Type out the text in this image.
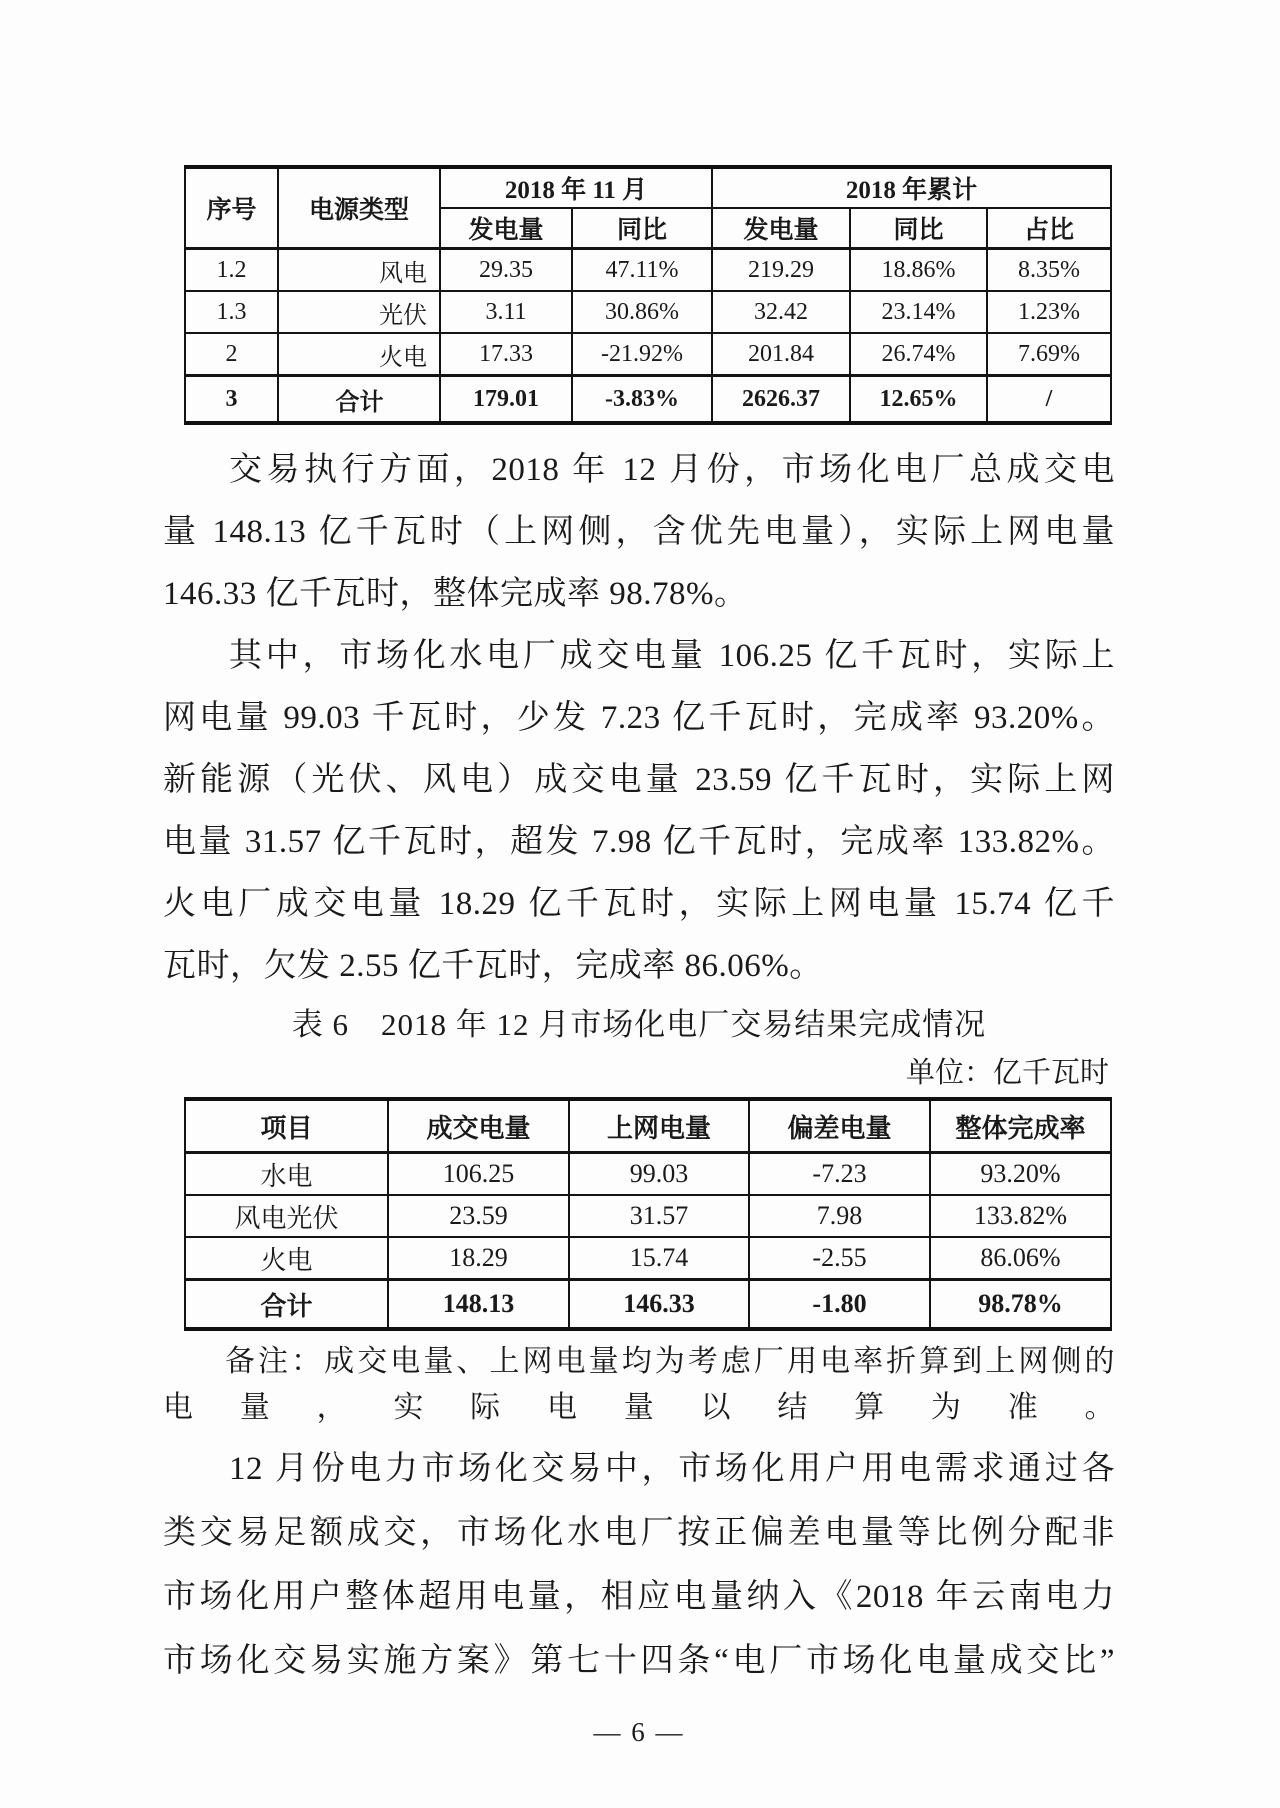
序号	电源类型	2018 年 11 月		2018 年累计		
		发电量	同比	发电量	同比	占比
1.2	风电	29.35	47.11%	219.29	18.86%	8.35%
1.3	光伏	3.11	30.86%	32.42	23.14%	1.23%
2	火电	17.33	-21.92%	201.84	26.74%	7.69%
3	合计	179.01	-3.83%	2626.37	12.65%	/
交易执行方面，2018 年 12 月份，市场化电厂总成交电
量 148.13 亿千瓦时（上网侧，含优先电量），实际上网电量
146.33 亿千瓦时，整体完成率 98.78%。
其中，市场化水电厂成交电量 106.25 亿千瓦时，实际上
网电量 99.03 千瓦时，少发 7.23 亿千瓦时，完成率 93.20%。
新能源（光伏、风电）成交电量 23.59 亿千瓦时，实际上网
电量 31.57 亿千瓦时，超发 7.98 亿千瓦时，完成率 133.82%。
火电厂成交电量 18.29 亿千瓦时，实际上网电量 15.74 亿千
瓦时，欠发 2.55 亿千瓦时，完成率 86.06%。
表 6　2018 年 12 月市场化电厂交易结果完成情况
单位：亿千瓦时
项目	成交电量	上网电量	偏差电量	整体完成率
水电	106.25	99.03	-7.23	93.20%
风电光伏	23.59	31.57	7.98	133.82%
火电	18.29	15.74	-2.55	86.06%
合计	148.13	146.33	-1.80	98.78%
备注：成交电量、上网电量均为考虑厂用电率折算到上网侧的
电量，实际电量以结算为准。
12 月份电力市场化交易中，市场化用户用电需求通过各
类交易足额成交，市场化水电厂按正偏差电量等比例分配非
市场化用户整体超用电量，相应电量纳入《2018 年云南电力
市场化交易实施方案》第七十四条“电厂市场化电量成交比”
— 6 —
